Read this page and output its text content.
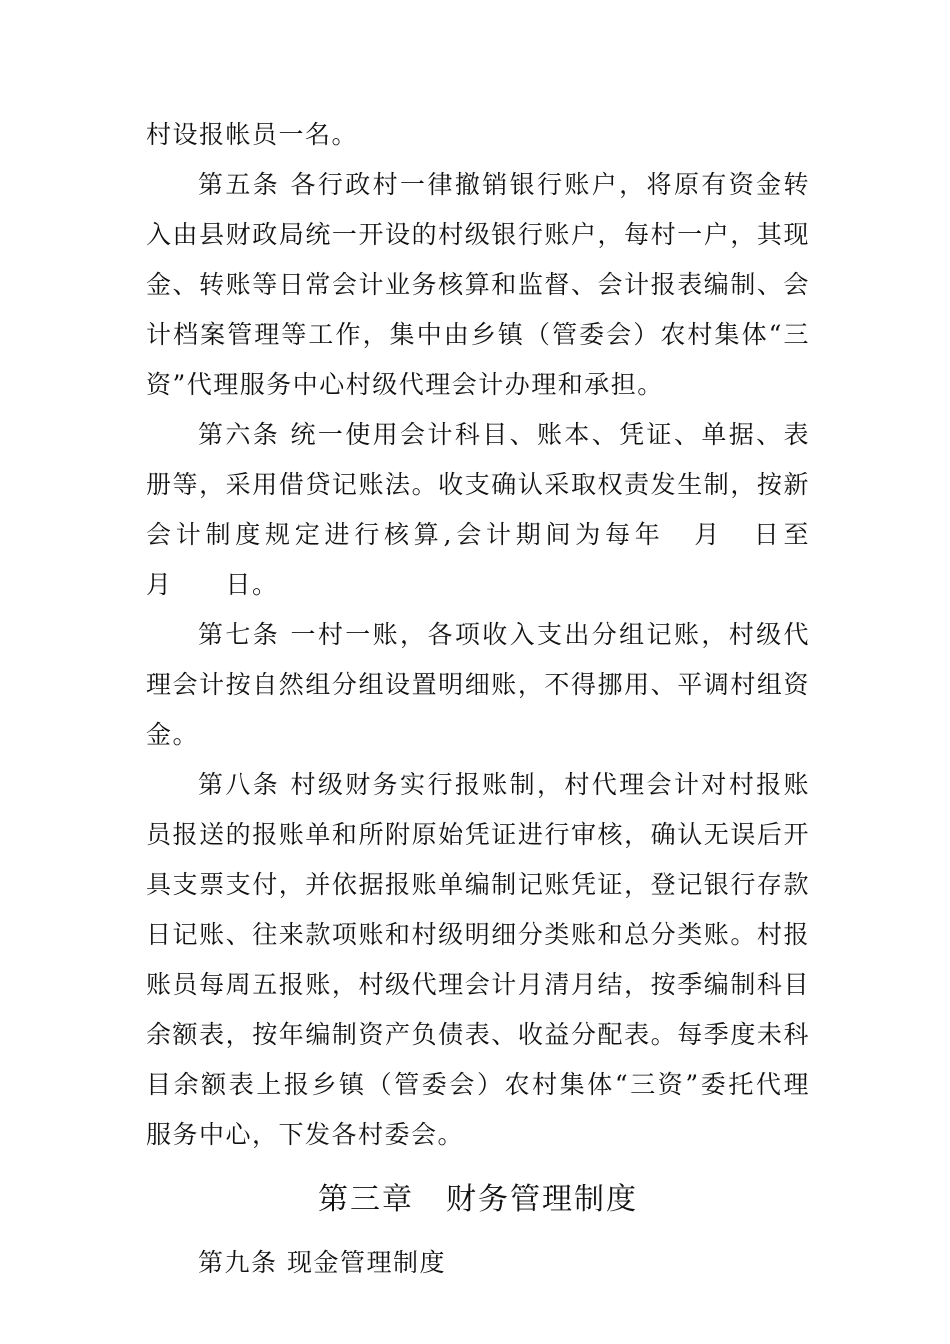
村设报帐员一名。

第五条 各行政村一律撤销银行账户，将原有资金转入由县财政局统一开设的村级银行账户，每村一户，其现金、转账等日常会计业务核算和监督、会计报表编制、会计档案管理等工作，集中由乡镇（管委会）农村集体“三资”代理服务中心村级代理会计办理和承担。

第六条 统一使用会计科目、账本、凭证、单据、表册等，采用借贷记账法。收支确认采取权责发生制，按新会计制度规定进行核算,会计期间为每年　月　日至　　月　　日。

第七条 一村一账，各项收入支出分组记账，村级代理会计按自然组分组设置明细账，不得挪用、平调村组资金。

第八条 村级财务实行报账制，村代理会计对村报账员报送的报账单和所附原始凭证进行审核，确认无误后开具支票支付，并依据报账单编制记账凭证，登记银行存款日记账、往来款项账和村级明细分类账和总分类账。村报账员每周五报账，村级代理会计月清月结，按季编制科目余额表，按年编制资产负债表、收益分配表。每季度未科目余额表上报乡镇（管委会）农村集体“三资”委托代理服务中心，下发各村委会。

第三章　财务管理制度

第九条 现金管理制度
